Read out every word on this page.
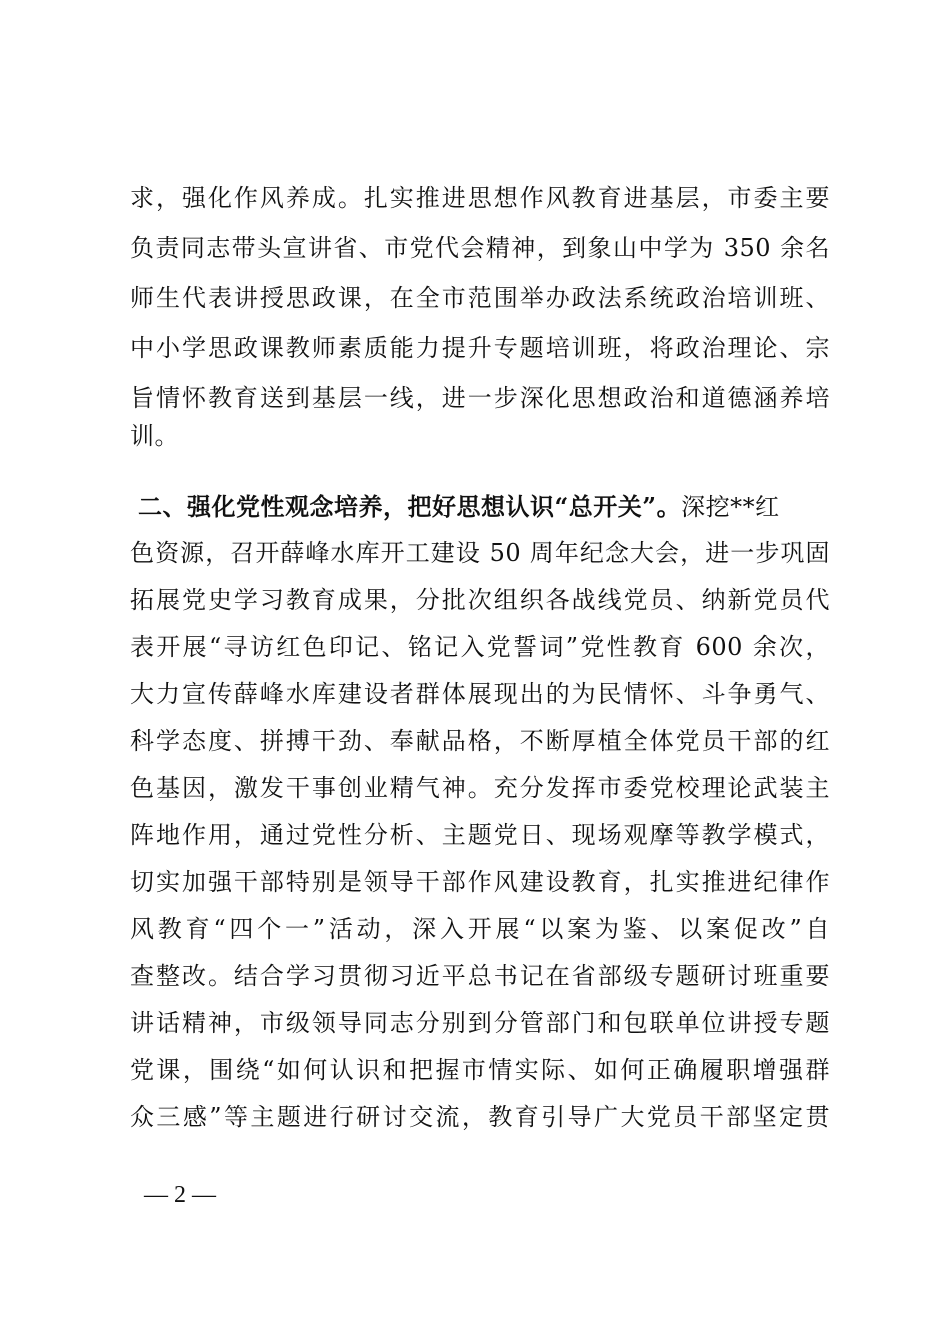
求，强化作风养成。扎实推进思想作风教育进基层，市委主要
负责同志带头宣讲省、市党代会精神，到象山中学为 350 余名
师生代表讲授思政课，在全市范围举办政法系统政治培训班、
中小学思政课教师素质能力提升专题培训班，将政治理论、宗
旨情怀教育送到基层一线，进一步深化思想政治和道德涵养培
训。
二、强化党性观念培养，把好思想认识“总开关”。深挖**红
色资源，召开薛峰水库开工建设 50 周年纪念大会，进一步巩固
拓展党史学习教育成果，分批次组织各战线党员、纳新党员代
表开展“寻访红色印记、铭记入党誓词”党性教育 600 余次，
大力宣传薛峰水库建设者群体展现出的为民情怀、斗争勇气、
科学态度、拼搏干劲、奉献品格，不断厚植全体党员干部的红
色基因，激发干事创业精气神。充分发挥市委党校理论武装主
阵地作用，通过党性分析、主题党日、现场观摩等教学模式，
切实加强干部特别是领导干部作风建设教育，扎实推进纪律作
风教育“四个一”活动，深入开展“以案为鉴、以案促改”自
查整改。结合学习贯彻习近平总书记在省部级专题研讨班重要
讲话精神，市级领导同志分别到分管部门和包联单位讲授专题
党课，围绕“如何认识和把握市情实际、如何正确履职增强群
众三感”等主题进行研讨交流，教育引导广大党员干部坚定贯
— 2 —
